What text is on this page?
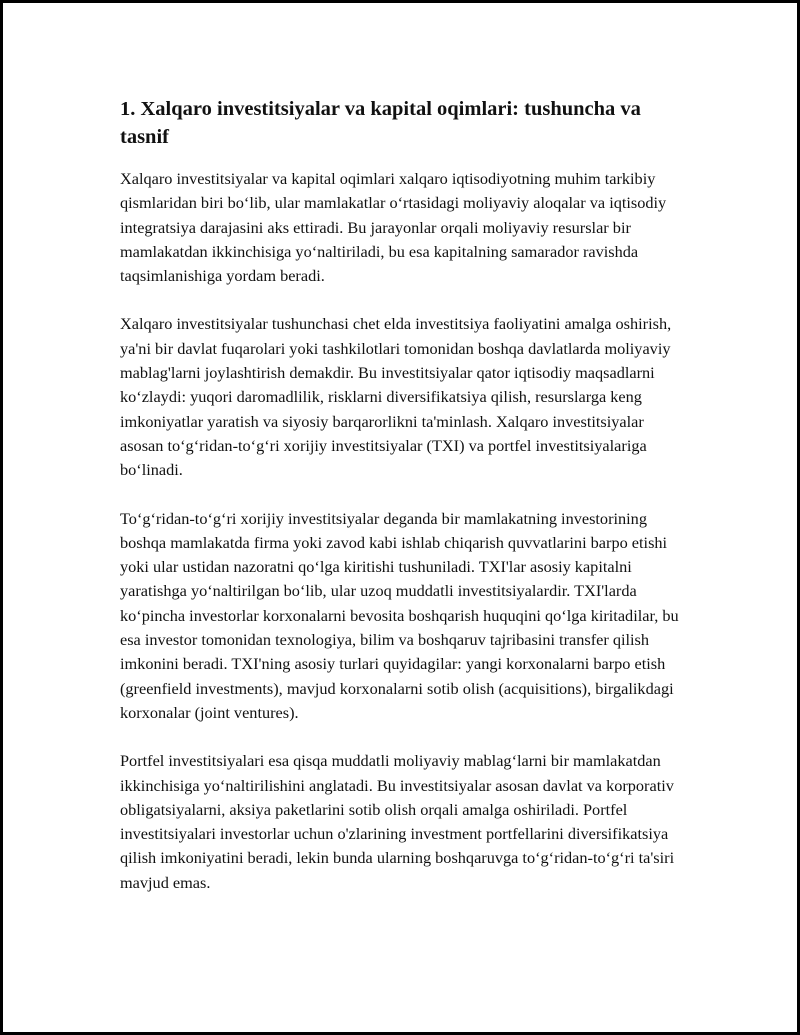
1. Xalqaro investitsiyalar va kapital oqimlari: tushuncha va tasnif

Xalqaro investitsiyalar va kapital oqimlari xalqaro iqtisodiyotning muhim tarkibiy qismlaridan biri bo‘lib, ular mamlakatlar o‘rtasidagi moliyaviy aloqalar va iqtisodiy integratsiya darajasini aks ettiradi. Bu jarayonlar orqali moliyaviy resurslar bir mamlakatdan ikkinchisiga yo‘naltiriladi, bu esa kapitalning samarador ravishda taqsimlanishiga yordam beradi.

Xalqaro investitsiyalar tushunchasi chet elda investitsiya faoliyatini amalga oshirish, ya'ni bir davlat fuqarolari yoki tashkilotlari tomonidan boshqa davlatlarda moliyaviy mablag'larni joylashtirish demakdir. Bu investitsiyalar qator iqtisodiy maqsadlarni ko‘zlaydi: yuqori daromadlilik, risklarni diversifikatsiya qilish, resurslarga keng imkoniyatlar yaratish va siyosiy barqarorlikni ta'minlash. Xalqaro investitsiyalar asosan to‘g‘ridan-to‘g‘ri xorijiy investitsiyalar (TXI) va portfel investitsiyalariga bo‘linadi.

To‘g‘ridan-to‘g‘ri xorijiy investitsiyalar deganda bir mamlakatning investorining boshqa mamlakatda firma yoki zavod kabi ishlab chiqarish quvvatlarini barpo etishi yoki ular ustidan nazoratni qo‘lga kiritishi tushuniladi. TXI'lar asosiy kapitalni yaratishga yo‘naltirilgan bo‘lib, ular uzoq muddatli investitsiyalardir. TXI'larda ko‘pincha investorlar korxonalarni bevosita boshqarish huquqini qo‘lga kiritadilar, bu esa investor tomonidan texnologiya, bilim va boshqaruv tajribasini transfer qilish imkonini beradi. TXI'ning asosiy turlari quyidagilar: yangi korxonalarni barpo etish (greenfield investments), mavjud korxonalarni sotib olish (acquisitions), birgalikdagi korxonalar (joint ventures).

Portfel investitsiyalari esa qisqa muddatli moliyaviy mablag‘larni bir mamlakatdan ikkinchisiga yo‘naltirilishini anglatadi. Bu investitsiyalar asosan davlat va korporativ obligatsiyalarni, aksiya paketlarini sotib olish orqali amalga oshiriladi. Portfel investitsiyalari investorlar uchun o'zlarining investment portfellarini diversifikatsiya qilish imkoniyatini beradi, lekin bunda ularning boshqaruvga to‘g‘ridan-to‘g‘ri ta'siri mavjud emas.
